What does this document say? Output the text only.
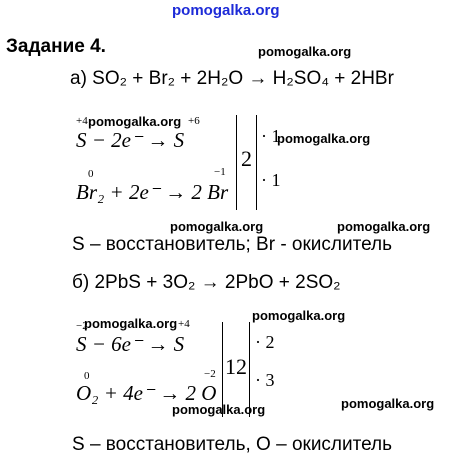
pomogalka.org
Задание 4.	pomogalka.org
а) SO₂ + Br₂ + 2H₂O → H₂SO₄ + 2HBr
+4 pomogalka.org +6
S − 2e⁻ → S
0	−1
Br₂ + 2e⁻ → 2 Br
2
· 1
pomogalka.org
· 1
pomogalka.org	pomogalka.org
S – восстановитель; Br - окислитель
б) 2PbS + 3O₂ → 2PbO + 2SO₂
pomogalka.org
−2
pomogalka.org +4
S − 6e⁻ → S
0	−2
O₂ + 4e⁻ → 2 O
12
· 2
· 3
pomogalka.org	pomogalka.org
S – восстановитель, O – окислитель
